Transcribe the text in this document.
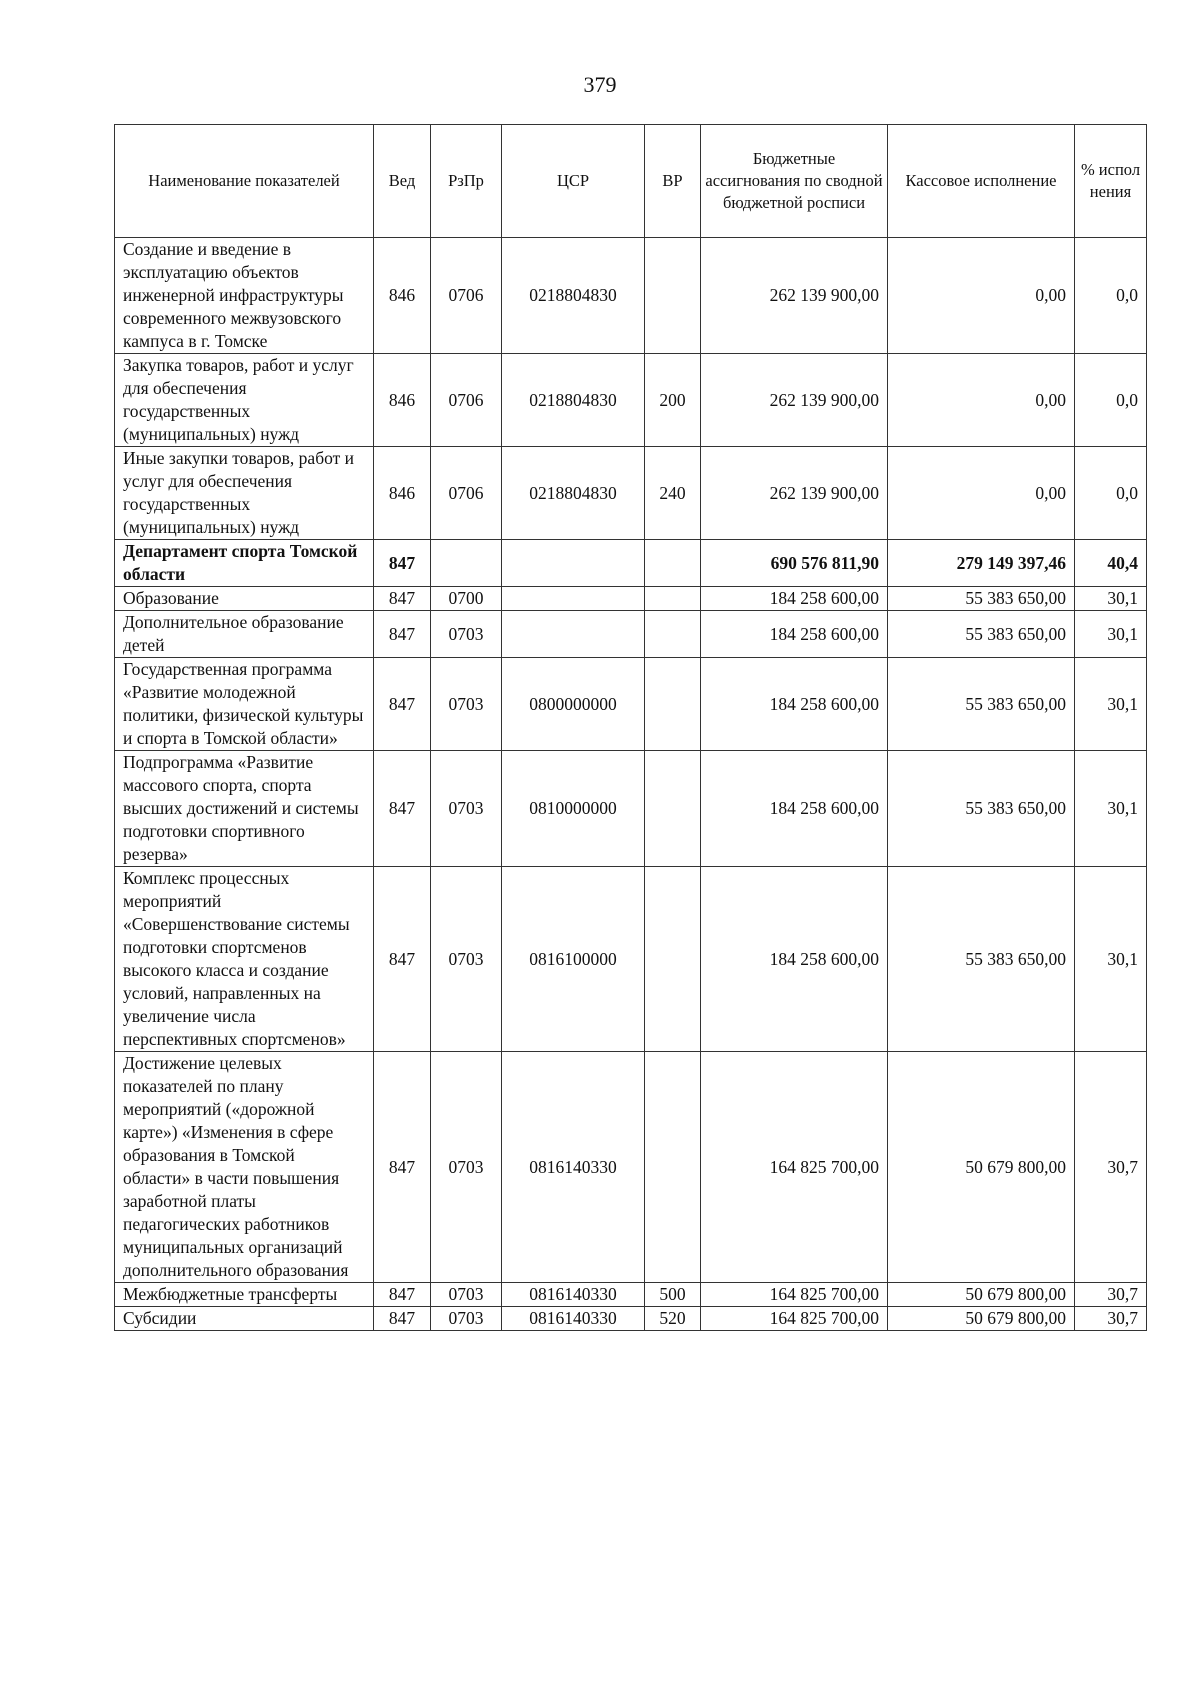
379
Наименование показателей	Вед	РзПр	ЦСР	ВР	Бюджетные ассигнования по сводной бюджетной росписи	Кассовое исполнение	% испол нения
Создание и введение в эксплуатацию объектов инженерной инфраструктуры современного межвузовского кампуса в г. Томске	846	0706	0218804830		262 139 900,00	0,00	0,0
Закупка товаров, работ и услуг для обеспечения государственных (муниципальных) нужд	846	0706	0218804830	200	262 139 900,00	0,00	0,0
Иные закупки товаров, работ и услуг для обеспечения государственных (муниципальных) нужд	846	0706	0218804830	240	262 139 900,00	0,00	0,0
Департамент спорта Томской области	847				690 576 811,90	279 149 397,46	40,4
Образование	847	0700			184 258 600,00	55 383 650,00	30,1
Дополнительное образование детей	847	0703			184 258 600,00	55 383 650,00	30,1
Государственная программа «Развитие молодежной политики, физической культуры и спорта в Томской области»	847	0703	0800000000		184 258 600,00	55 383 650,00	30,1
Подпрограмма «Развитие массового спорта, спорта высших достижений и системы подготовки спортивного резерва»	847	0703	0810000000		184 258 600,00	55 383 650,00	30,1
Комплекс процессных мероприятий «Совершенствование системы подготовки спортсменов высокого класса и создание условий, направленных на увеличение числа перспективных спортсменов»	847	0703	0816100000		184 258 600,00	55 383 650,00	30,1
Достижение целевых показателей по плану мероприятий («дорожной карте») «Изменения в сфере образования в Томской области» в части повышения заработной платы педагогических работников муниципальных организаций дополнительного образования	847	0703	0816140330		164 825 700,00	50 679 800,00	30,7
Межбюджетные трансферты	847	0703	0816140330	500	164 825 700,00	50 679 800,00	30,7
Субсидии	847	0703	0816140330	520	164 825 700,00	50 679 800,00	30,7
